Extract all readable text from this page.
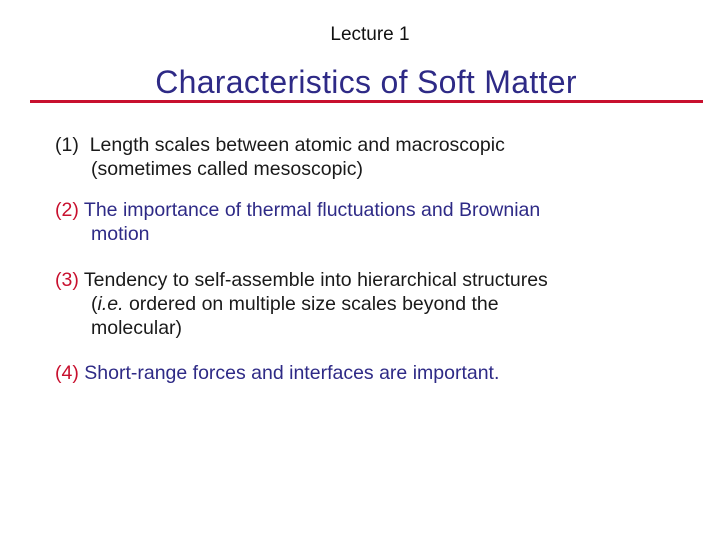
Lecture 1
Characteristics of Soft Matter
(1) Length scales between atomic and macroscopic
(sometimes called mesoscopic)
(2) The importance of thermal fluctuations and Brownian
motion
(3) Tendency to self-assemble into hierarchical structures
(i.e. ordered on multiple size scales beyond the
molecular)
(4) Short-range forces and interfaces are important.
